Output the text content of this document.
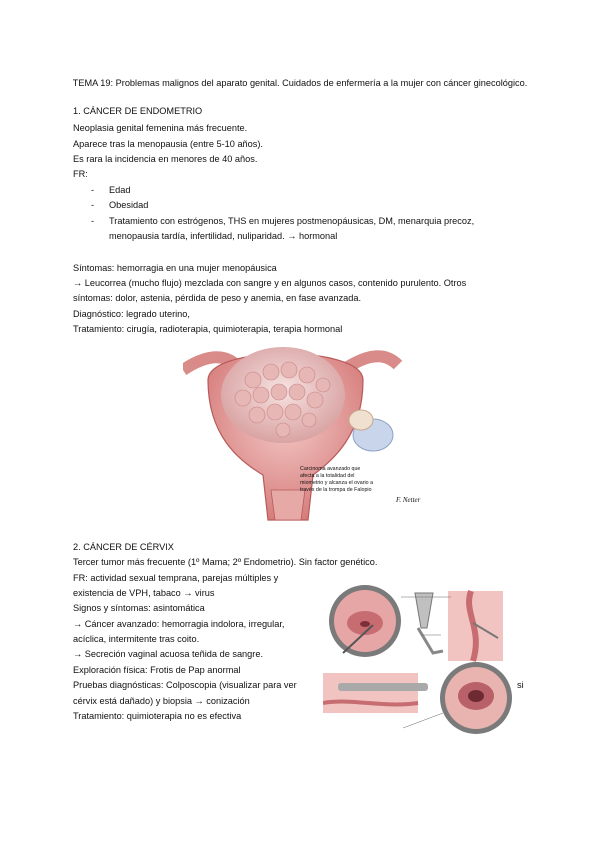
TEMA 19: Problemas malignos del aparato genital. Cuidados de enfermería a la mujer con cáncer ginecológico.
1. CÁNCER DE ENDOMETRIO
Neoplasia genital femenina más frecuente.
Aparece tras la menopausia (entre 5-10 años).
Es rara la incidencia en menores de 40 años.
FR:
- Edad
- Obesidad
- Tratamiento con estrógenos, THS en mujeres postmenopáusicas, DM, menarquia precoz,
menopausia tardía, infertilidad, nuliparidad. → hormonal
Síntomas: hemorragia en una mujer menopáusica
→ Leucorrea (mucho flujo) mezclada con sangre y en algunos casos, contenido purulento. Otros
síntomas: dolor, astenia, pérdida de peso y anemia, en fase avanzada.
Diagnóstico: legrado uterino,
Tratamiento: cirugía, radioterapia, quimioterapia, terapia hormonal
Carcinoma avanzado que
afecta a la totalidad del
miometrio y alcanza el ovario a
través de la trompa de Falopio
F. Netter
2. CÁNCER DE CÉRVIX
Tercer tumor más frecuente (1º Mama; 2º Endometrio). Sin factor genético.
FR: actividad sexual temprana, parejas múltiples y
existencia de VPH, tabaco → virus
Signos y síntomas: asintomática
→ Cáncer avanzado: hemorragia indolora, irregular,
acíclica, intermitente tras coito.
→ Secreción vaginal acuosa teñida de sangre.
Exploración física: Frotis de Pap anormal
Pruebas diagnósticas: Colposcopia (visualizar para ver	si
cérvix está dañado) y biopsia → conización
Tratamiento: quimioterapia no es efectiva
